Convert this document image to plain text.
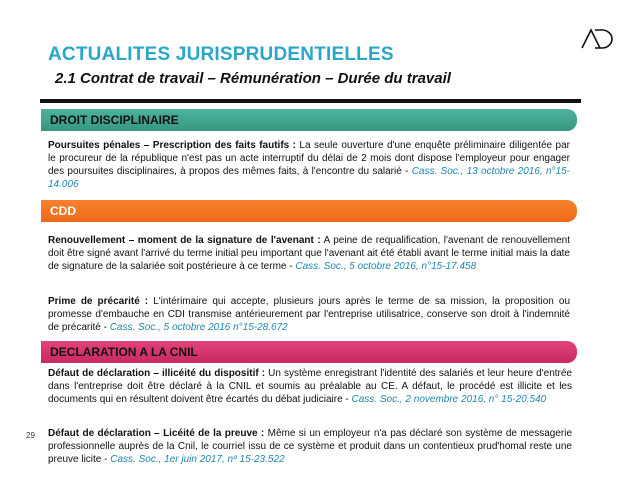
ACTUALITES JURISPRUDENTIELLES
2.1 Contrat de travail – Rémunération – Durée du travail
DROIT DISCIPLINAIRE
Poursuites pénales – Prescription des faits fautifs : La seule ouverture d'une enquête préliminaire diligentée par le procureur de la république n'est pas un acte interruptif du délai de 2 mois dont dispose l'employeur pour engager des poursuites disciplinaires, à propos des mêmes faits, à l'encontre du salarié - Cass. Soc., 13 octobre 2016, n°15-14.006
CDD
Renouvellement – moment de la signature de l'avenant : A peine de requalification, l'avenant de renouvellement doit être signé avant l'arrivé du terme initial peu important que l'avenant ait été établi avant le terme initial mais la date de signature de la salariée soit postérieure à ce terme - Cass. Soc., 5 octobre 2016, n°15-17.458
Prime de précarité : L'intérimaire qui accepte, plusieurs jours après le terme de sa mission, la proposition ou promesse d'embauche en CDI transmise antérieurement par l'entreprise utilisatrice, conserve son droit à l'indemnité de précarité - Cass. Soc., 5 octobre 2016 n°15-28.672
DECLARATION A LA CNIL
Défaut de déclaration – illicéité du dispositif : Un système enregistrant l'identité des salariés et leur heure d'entrée dans l'entreprise doit être déclaré à la CNIL et soumis au préalable au CE. A défaut, le procédé est illicite et les documents qui en résultent doivent être écartés du débat judiciaire - Cass. Soc., 2 novembre 2016, n° 15-20.540
29 Défaut de déclaration – Licéité de la preuve : Même si un employeur n'a pas déclaré son système de messagerie professionnelle auprès de la Cnil, le courriel issu de ce système et produit dans un contentieux prud'homal reste une preuve licite - Cass. Soc., 1er juin 2017, nº 15-23.522
